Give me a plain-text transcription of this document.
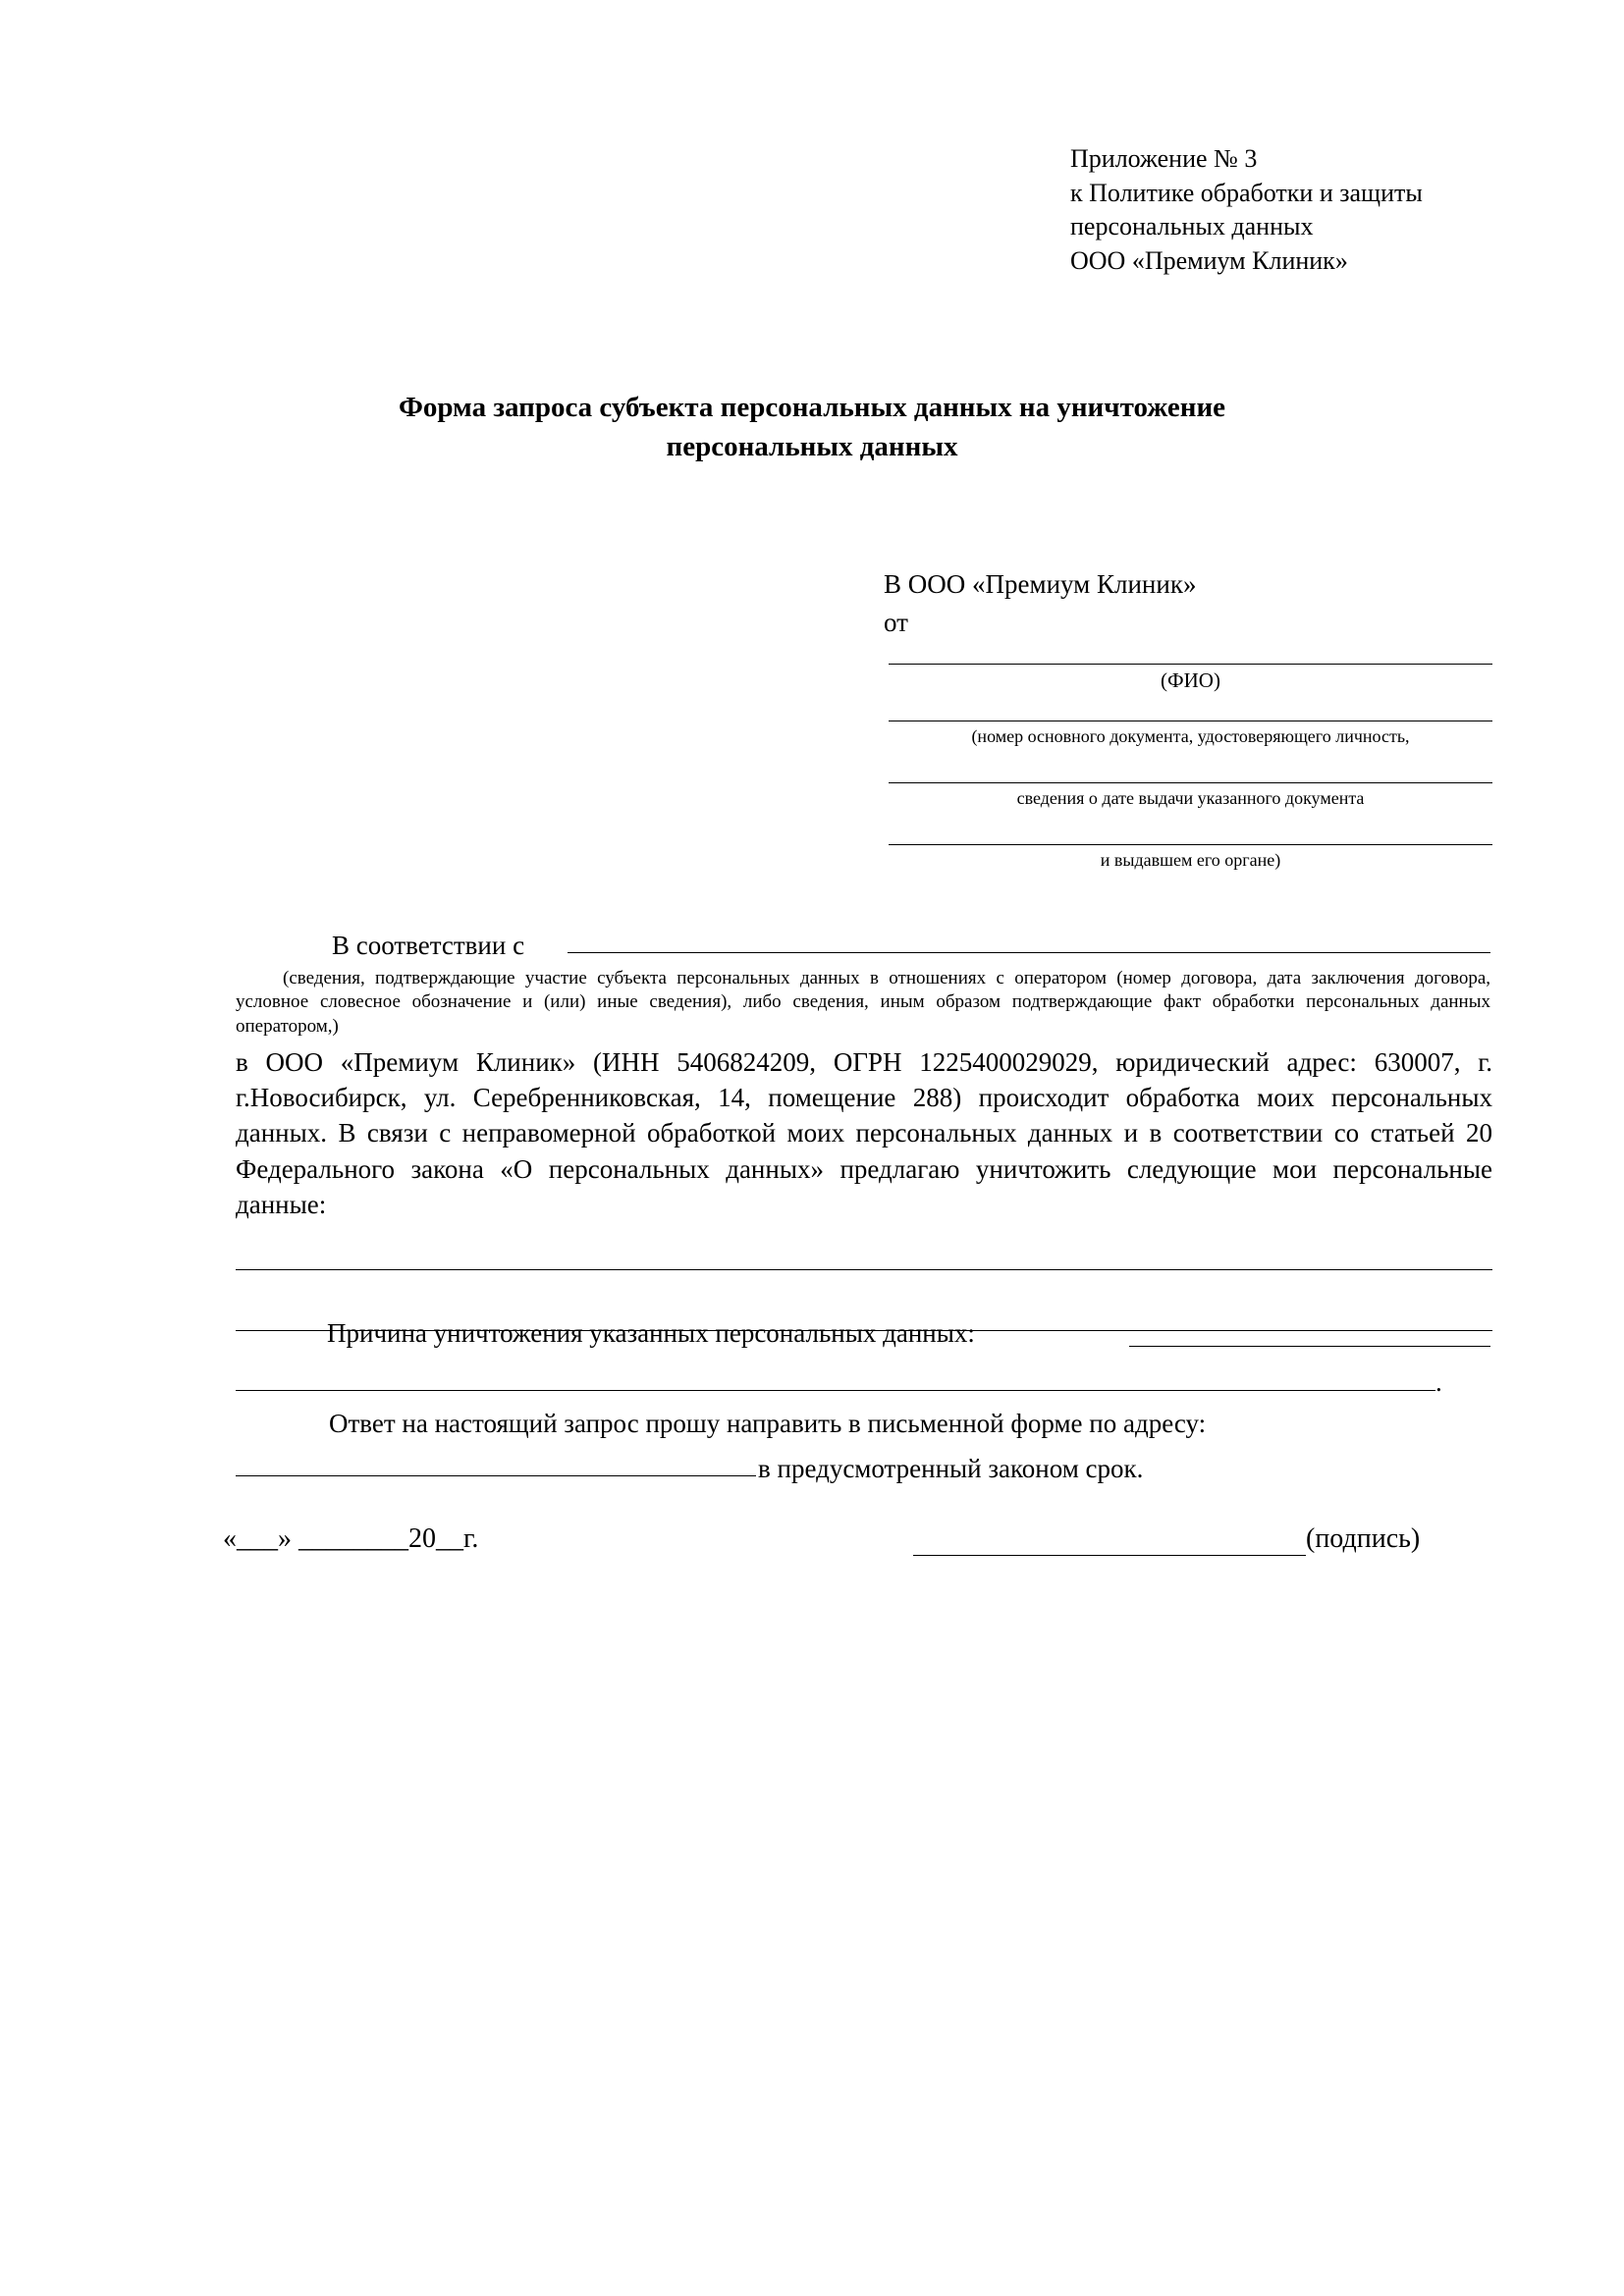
Приложение № 3
к Политике обработки и защиты
персональных данных
ООО «Премиум Клиник»
Форма запроса субъекта персональных данных на уничтожение
персональных данных
В ООО «Премиум Клиник»
от
(ФИО)
(номер основного документа, удостоверяющего личность,
сведения о дате выдачи указанного документа
и выдавшем его органе)
В соответствии с
(сведения, подтверждающие участие субъекта персональных данных в отношениях с оператором (номер договора, дата заключения договора, условное словесное обозначение и (или) иные сведения), либо сведения, иным образом подтверждающие факт обработки персональных данных оператором,)
в ООО «Премиум Клиник» (ИНН 5406824209, ОГРН 1225400029029, юридический адрес: 630007, г. г.Новосибирск, ул. Серебренниковская, 14, помещение 288) происходит обработка моих персональных данных. В связи с неправомерной обработкой моих персональных данных и в соответствии со статьей 20 Федерального закона «О персональных данных» предлагаю уничтожить следующие мои персональные данные:
Причина уничтожения указанных персональных данных:
.
Ответ на настоящий запрос прошу направить в письменной форме по адресу:
в предусмотренный законом срок.
«___» ________20__г.	(подпись)
